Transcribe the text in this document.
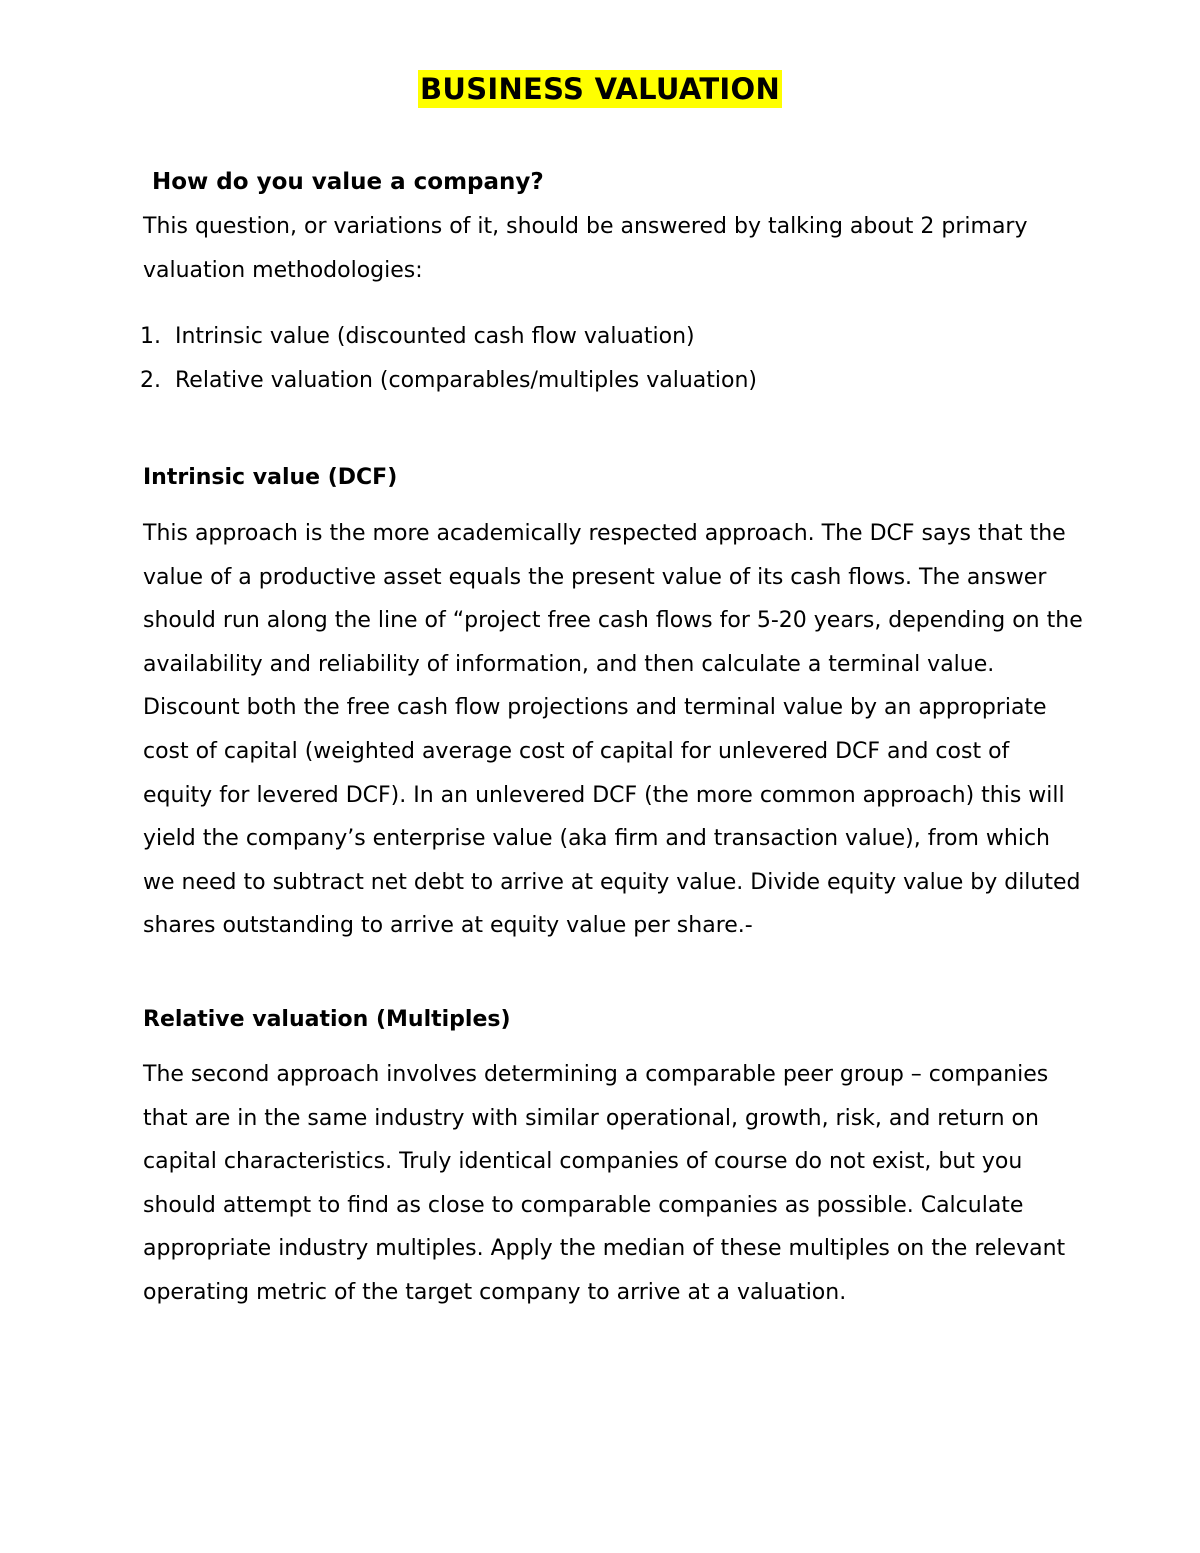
BUSINESS VALUATION
How do you value a company?

This question, or variations of it, should be answered by talking about 2 primary valuation methodologies:

1. Intrinsic value (discounted cash flow valuation)
2. Relative valuation (comparables/multiples valuation)
Intrinsic value (DCF)

This approach is the more academically respected approach. The DCF says that the value of a productive asset equals the present value of its cash flows. The answer should run along the line of “project free cash flows for 5-20 years, depending on the availability and reliability of information, and then calculate a terminal value. Discount both the free cash flow projections and terminal value by an appropriate cost of capital (weighted average cost of capital for unlevered DCF and cost of equity for levered DCF). In an unlevered DCF (the more common approach) this will yield the company’s enterprise value (aka firm and transaction value), from which we need to subtract net debt to arrive at equity value. Divide equity value by diluted shares outstanding to arrive at equity value per share.-

Relative valuation (Multiples)

The second approach involves determining a comparable peer group – companies that are in the same industry with similar operational, growth, risk, and return on capital characteristics. Truly identical companies of course do not exist, but you should attempt to find as close to comparable companies as possible. Calculate appropriate industry multiples. Apply the median of these multiples on the relevant operating metric of the target company to arrive at a valuation.
